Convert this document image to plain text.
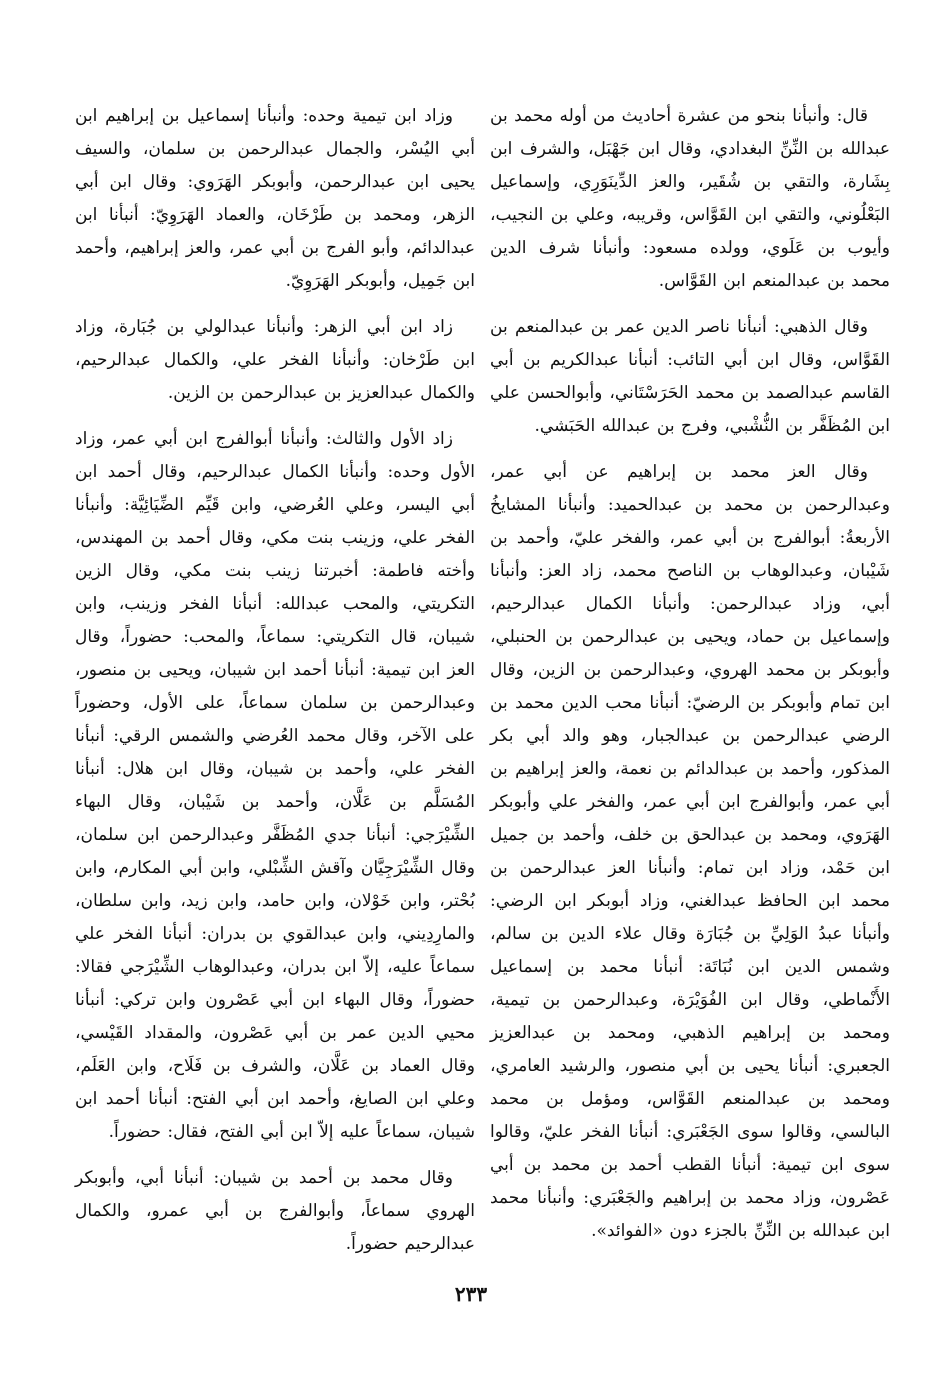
قال: وأنبأنا بنحو من عشرة أحاديث من أوله محمد بن عبدالله بن النِّنِّ البغدادي، وقال ابن جَهْبَل، والشرف ابن بِشَارة، والتقي بن شُقَير، والعز الدِّينَوَرِي، وإسماعيل البَعْلُوني، والتقي ابن القَوَّاس، وقريبه، وعلي بن النجيب، وأيوب بن عَلَوي، وولده مسعود: وأنبأنا شرف الدين محمد بن عبدالمنعم ابن القَوَّاس.

وقال الذهبي: أنبأنا ناصر الدين عمر بن عبدالمنعم بن القَوَّاس، وقال ابن أبي التائب: أنبأنا عبدالكريم بن أبي القاسم عبدالصمد بن محمد الحَرَسْتَاني، وأبوالحسن علي ابن المُظَفَّر بن النُّشْبي، وفرج بن عبدالله الحَبَشي.

وقال العز محمد بن إبراهيم عن أبي عمر، وعبدالرحمن بن محمد بن عبدالحميد: وأنبأنا المشايخُ الأربعةُ: أبوالفرج بن أبي عمر، والفخر عليّ، وأحمد بن شَيْبان، وعبدالوهاب بن الناصح محمد، زاد العز: وأنبأنا أبي، وزاد عبدالرحمن: وأنبأنا الكمال عبدالرحيم، وإسماعيل بن حماد، ويحيى بن عبدالرحمن بن الحنبلي، وأبوبكر بن محمد الهروي، وعبدالرحمن بن الزين، وقال ابن تمام وأبوبكر بن الرضيّ: أنبأنا محب الدين محمد بن الرضي عبدالرحمن بن عبدالجبار، وهو والد أبي بكر المذكور، وأحمد بن عبدالدائم بن نعمة، والعز إبراهيم بن أبي عمر، وأبوالفرج ابن أبي عمر، والفخر علي وأبوبكر الهَرَوي، ومحمد بن عبدالحق بن خلف، وأحمد بن جميل ابن حَمْد، وزاد ابن تمام: وأنبأنا العز عبدالرحمن بن محمد ابن الحافظ عبدالغني، وزاد أبوبكر ابن الرضي: وأنبأنا عبدُ الوَلِيِّ بن جُبَارَة وقال علاء الدين بن سالم، وشمس الدين ابن نُبَاتَة: أنبأنا محمد بن إسماعيل الأَنْماطي، وقال ابن الفُوَيْرَة، وعبدالرحمن بن تيمية، ومحمد بن إبراهيم الذهبي، ومحمد بن عبدالعزيز الجعبري: أنبأنا يحيى بن أبي منصور، والرشيد العامري، ومحمد بن عبدالمنعم القَوَّاس، ومؤمل بن محمد البالسي، وقالوا سوى الجَعْبَري: أنبأنا الفخر عليّ، وقالوا سوى ابن تيمية: أنبأنا القطب أحمد بن محمد بن أبي عَصْرون، وزاد محمد بن إبراهيم والجَعْبَري: وأنبأنا محمد ابن عبدالله بن النِّنِّ بالجزء دون «الفوائد».

وزاد ابن تيمية وحده: وأنبأنا إسماعيل بن إبراهيم ابن أبي اليُسْر، والجمال عبدالرحمن بن سلمان، والسيف يحيى ابن عبدالرحمن، وأبوبكر الهَرَوي: وقال ابن أبي الزهر، ومحمد بن طَرْخَان، والعماد الهَرَوِيّ: أنبأنا ابن عبدالدائم، وأبو الفرج بن أبي عمر، والعز إبراهيم، وأحمد ابن جَمِيل، وأبوبكر الهَرَوِيّ.

زاد ابن أبي الزهر: وأنبأنا عبدالولي بن جُبَارة، وزاد ابن طَرْخان: وأنبأنا الفخر علي، والكمال عبدالرحيم، والكمال عبدالعزيز بن عبدالرحمن بن الزين.

زاد الأول والثالث: وأنبأنا أبوالفرج ابن أبي عمر، وزاد الأول وحده: وأنبأنا الكمال عبدالرحيم، وقال أحمد ابن أبي اليسر، وعلي العُرضي، وابن قَيِّم الضِّيَائِيَّة: وأنبأنا الفخر علي، وزينب بنت مكي، وقال أحمد بن المهندس، وأخته فاطمة: أخبرتنا زينب بنت مكي، وقال الزين التكريتي، والمحب عبدالله: أنبأنا الفخر وزينب، وابن شيبان، قال التكريتي: سماعاً، والمحب: حضوراً، وقال العز ابن تيمية: أنبأنا أحمد ابن شيبان، ويحيى بن منصور، وعبدالرحمن بن سلمان سماعاً، على الأول، وحضوراً على الآخر، وقال محمد العُرضي والشمس الرقي: أنبأنا الفخر علي، وأحمد بن شيبان، وقال ابن هلال: أنبأنا المُسَلَّم بن عَلَّان، وأحمد بن شَيْبان، وقال البهاء الشِّيْرَجي: أنبأنا جدي المُظَفَّر وعبدالرحمن ابن سلمان، وقال الشِّيْرَجِيَّان وآقش الشِّبْلي، وابن أبي المكارم، وابن بُحْتر، وابن خَوْلان، وابن حامد، وابن زيد، وابن سلطان، والمارِدِيني، وابن عبدالقوي بن بدران: أنبأنا الفخر علي سماعاً عليه، إلاّ ابن بدران، وعبدالوهاب الشِّيْرَجي فقالا: حضوراً، وقال البهاء ابن أبي عَصْرون وابن تركي: أنبأنا محيي الدين عمر بن أبي عَصْرون، والمقداد القَيْسي، وقال العماد بن عَلَّان، والشرف بن فَلَاح، وابن العَلَم، وعلي ابن الصايغ، وأحمد ابن أبي الفتح: أنبأنا أحمد ابن شيبان، سماعاً عليه إلاّ ابن أبي الفتح، فقال: حضوراً.

وقال محمد بن أحمد بن شيبان: أنبأنا أبي، وأبوبكر الهروي سماعاً، وأبوالفرج بن أبي عمرو، والكمال عبدالرحيم حضوراً.

٢٣٣
